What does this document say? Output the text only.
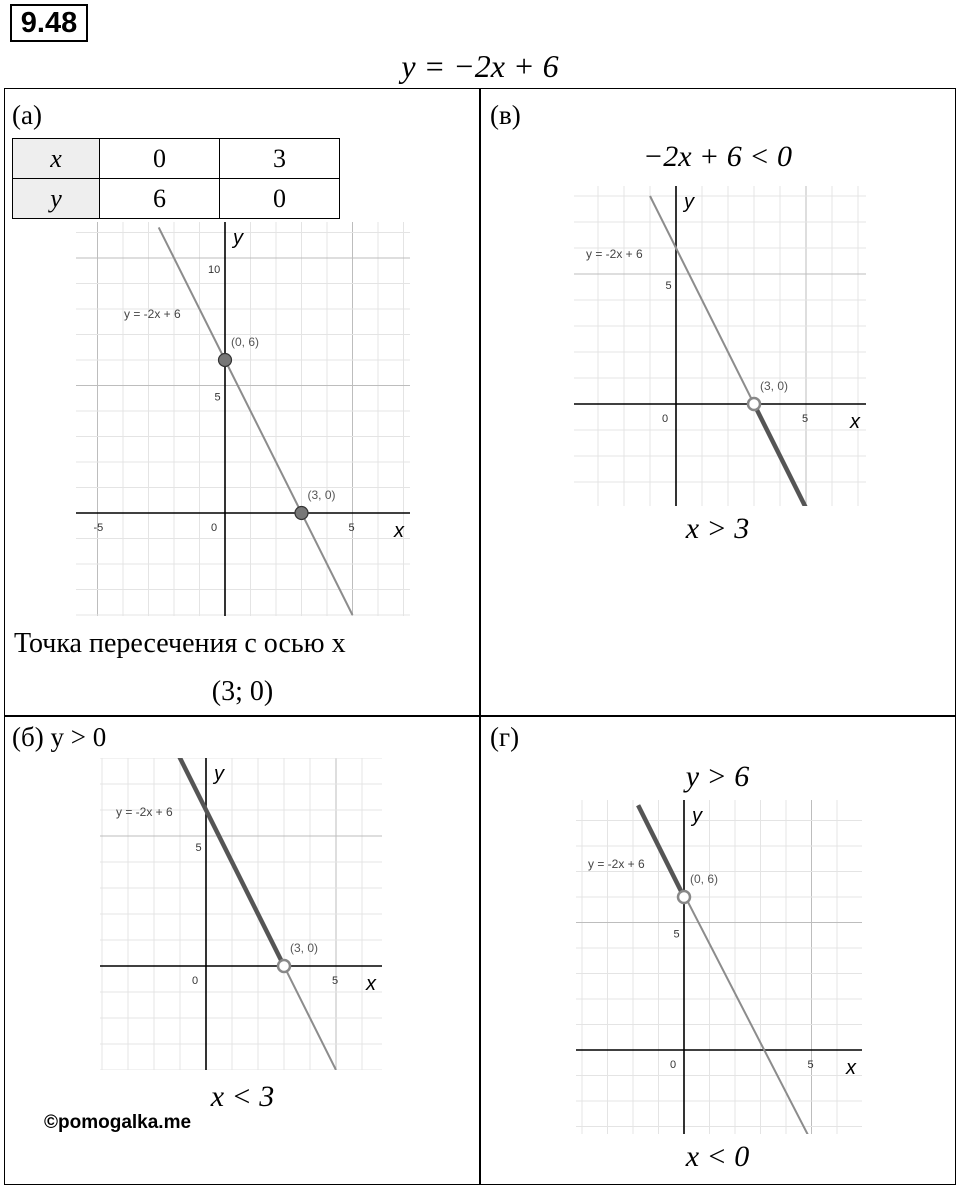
9.48
y = −2x + 6
(а)
x	0	3
y	6	0
x
y
-5	0	5
5
10
y = -2x + 6
(0, 6)
(3, 0)
Точка пересечения с осью x
(3; 0)
(в)
−2x + 6 < 0
x
y
0	5
5
y = -2x + 6
(3, 0)
x > 3
(б) y > 0
x
y
0	5
5
y = -2x + 6
(3, 0)
x < 3
©pomogalka.me
(г)
y > 6
x
y
0	5
5
y = -2x + 6
(0, 6)
x < 0
